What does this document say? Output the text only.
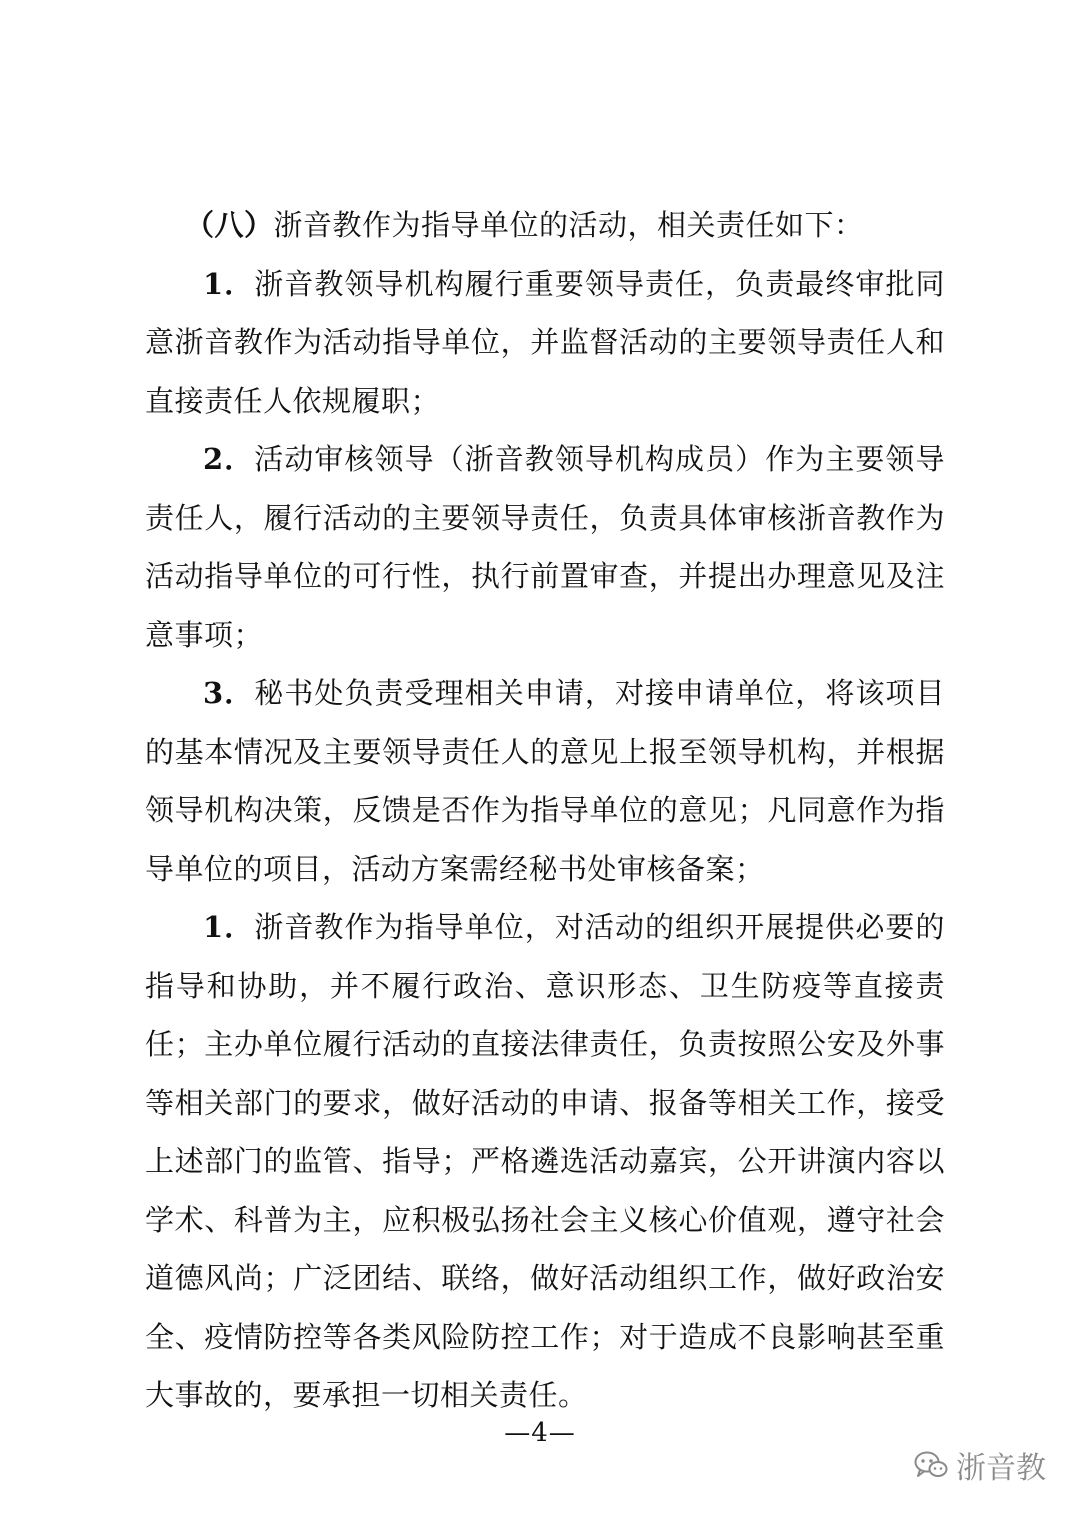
（八）浙音教作为指导单位的活动，相关责任如下：

1．浙音教领导机构履行重要领导责任，负责最终审批同意浙音教作为活动指导单位，并监督活动的主要领导责任人和直接责任人依规履职；

2．活动审核领导（浙音教领导机构成员）作为主要领导责任人，履行活动的主要领导责任，负责具体审核浙音教作为活动指导单位的可行性，执行前置审查，并提出办理意见及注意事项；

3．秘书处负责受理相关申请，对接申请单位，将该项目的基本情况及主要领导责任人的意见上报至领导机构，并根据领导机构决策，反馈是否作为指导单位的意见；凡同意作为指导单位的项目，活动方案需经秘书处审核备案；

1．浙音教作为指导单位，对活动的组织开展提供必要的指导和协助，并不履行政治、意识形态、卫生防疫等直接责任；主办单位履行活动的直接法律责任，负责按照公安及外事等相关部门的要求，做好活动的申请、报备等相关工作，接受上述部门的监管、指导；严格遴选活动嘉宾，公开讲演内容以学术、科普为主，应积极弘扬社会主义核心价值观，遵守社会道德风尚；广泛团结、联络，做好活动组织工作，做好政治安全、疫情防控等各类风险防控工作；对于造成不良影响甚至重大事故的，要承担一切相关责任。

—4—
浙音教
